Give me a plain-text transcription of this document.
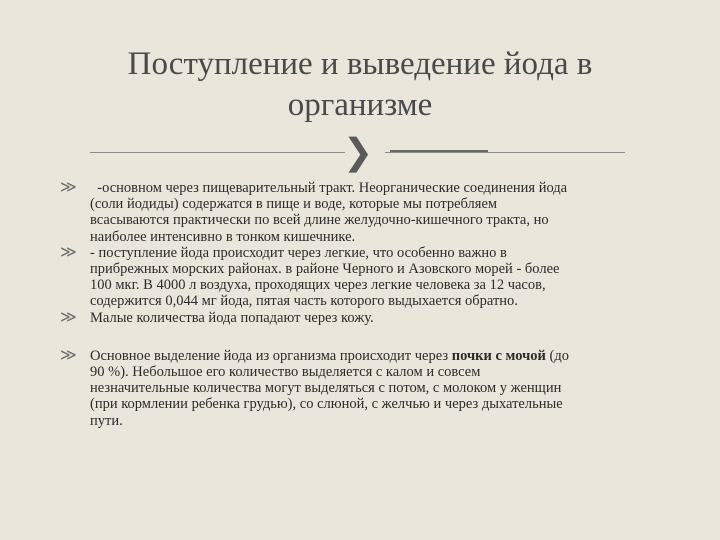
Поступление и выведение йода в
организме
❯
≫ -основном через пищеварительный тракт. Неорганические соединения йода
(соли йодиды) содержатся в пище и воде, которые мы потребляем
всасываются практически по всей длине желудочно-кишечного тракта, но
наиболее интенсивно в тонком кишечнике.
≫ - поступление йода происходит через легкие, что особенно важно в
прибрежных морских районах. в районе Черного и Азовского морей - более
100 мкг. В 4000 л воздуха, проходящих через легкие человека за 12 часов,
содержится 0,044 мг йода, пятая часть которого выдыхается обратно.
≫ Малые количества йода попадают через кожу.
≫ Основное выделение йода из организма происходит через почки с мочой (до
90 %). Небольшое его количество выделяется с калом и совсем
незначительные количества могут выделяться с потом, с молоком у женщин
(при кормлении ребенка грудью), со слюной, с желчью и через дыхательные
пути.
